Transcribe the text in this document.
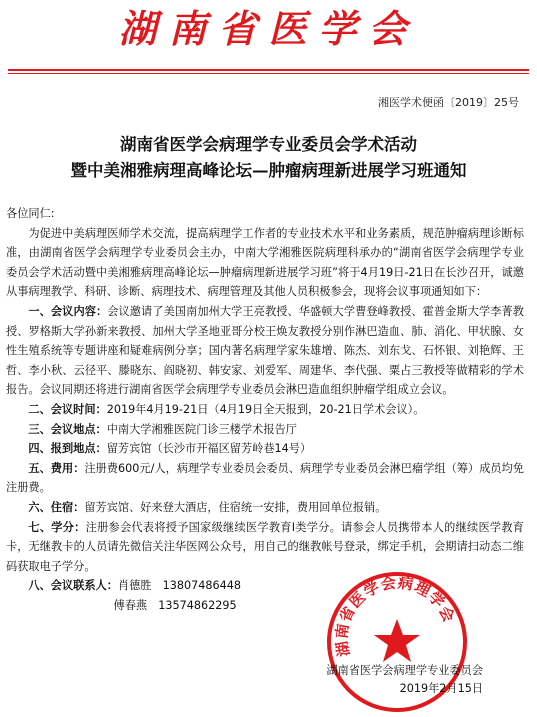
湖南省医学会
湘医学术便函〔2019〕25号
湖南省医学会病理学专业委员会学术活动
暨中美湘雅病理高峰论坛—肿瘤病理新进展学习班通知

各位同仁:

为促进中美病理医师学术交流，提高病理学工作者的专业技术水平和业务素质，规范肿瘤病理诊断标准，由湖南省医学会病理学专业委员会主办，中南大学湘雅医院病理科承办的“湖南省医学会病理学专业委员会学术活动暨中美湘雅病理高峰论坛—肿瘤病理新进展学习班”将于4月19日-21日在长沙召开，诚邀从事病理教学、科研、诊断、病理技术、病理管理及其他人员积极参会，现将会议事项通知如下：

一、会议内容：会议邀请了美国南加州大学王亮教授、华盛顿大学曹登峰教授、霍普金斯大学李菁教授、罗格斯大学孙新来教授、加州大学圣地亚哥分校王焕友教授分别作淋巴造血、肺、消化、甲状腺、女性生殖系统等专题讲座和疑难病例分享；国内著名病理学家朱雄增、陈杰、刘东戈、石怀银、刘艳辉、王哲、李小秋、云径平、滕晓东、阎晓初、韩安家、刘爱军、周建华、李代强、粟占三教授等做精彩的学术报告。会议同期还将进行湖南省医学会病理学专业委员会淋巴造血组织肿瘤学组成立会议。

二、会议时间：2019年4月19-21日（4月19日全天报到，20-21日学术会议）。

三、会议地点：中南大学湘雅医院门诊三楼学术报告厅

四、报到地点：留芳宾馆（长沙市开福区留芳岭巷14号）

五、费用：注册费600元/人，病理学专业委员会委员、病理学专业委员会淋巴瘤学组（筹）成员均免注册费。

六、住宿：留芳宾馆、好来登大酒店，住宿统一安排，费用回单位报销。

七、学分：注册参会代表将授予国家级继续医学教育I类学分。请参会人员携带本人的继续医学教育卡，无继教卡的人员请先微信关注华医网公众号，用自己的继教帐号登录，绑定手机，会期请扫动态二维码获取电子学分。

八、会议联系人：肖德胜　13807486448

傅春燕　13574862295

湖南省医学会病理学会
湖南省医学会病理学专业委员会
2019年2月15日
